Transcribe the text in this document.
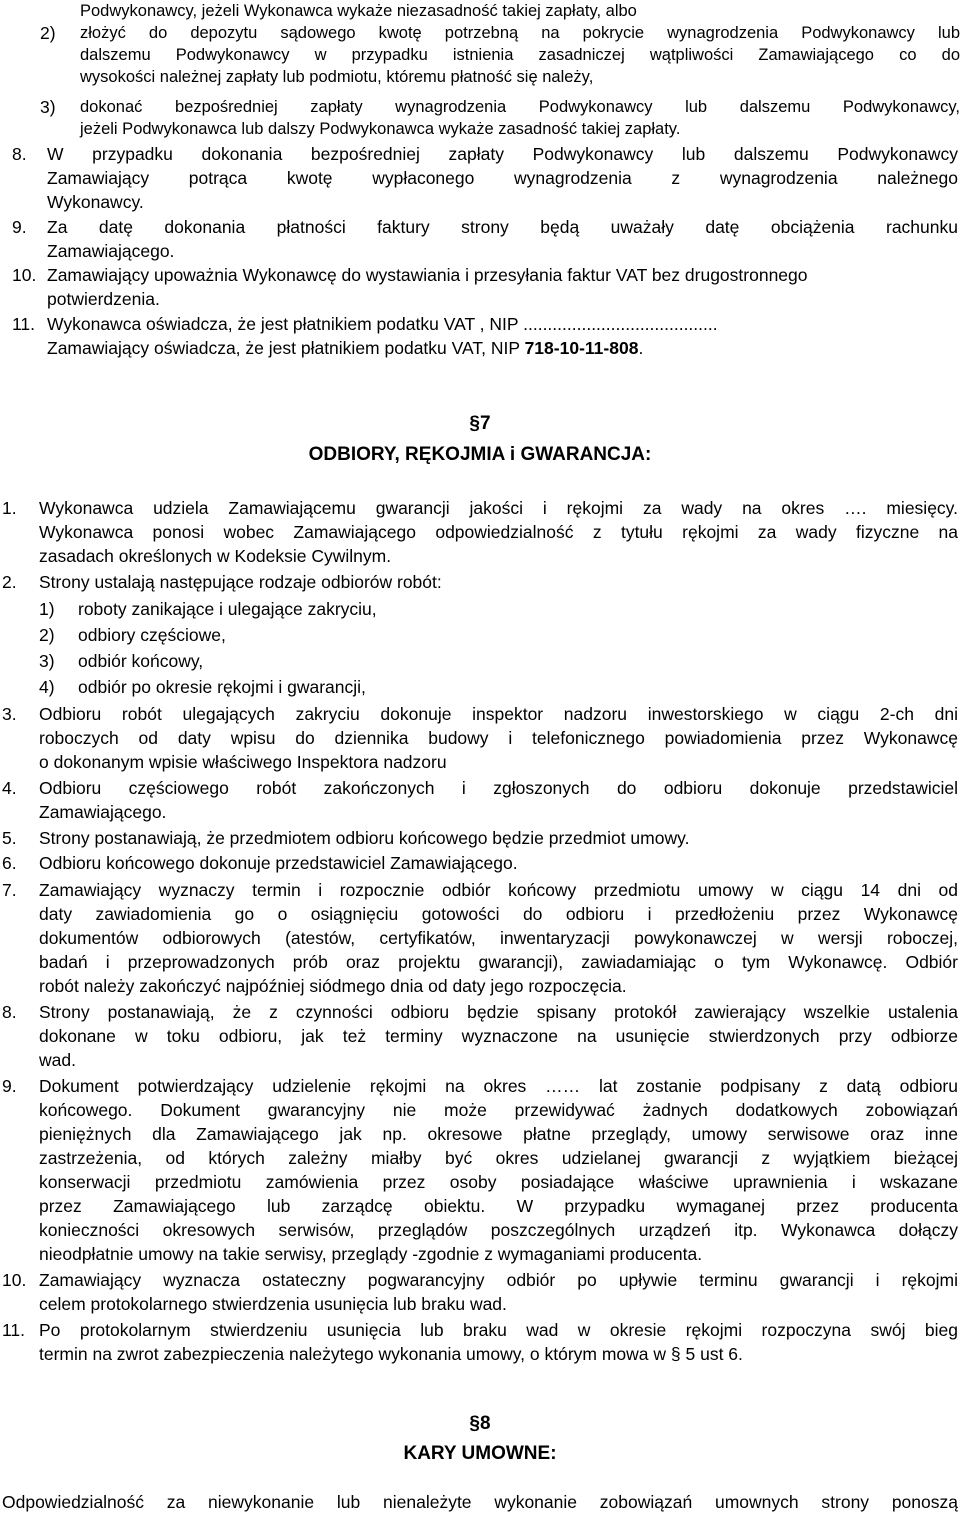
Podwykonawcy, jeżeli Wykonawca wykaże niezasadność takiej zapłaty, albo
2) złożyć do depozytu sądowego kwotę potrzebną na pokrycie wynagrodzenia Podwykonawcy lub
dalszemu Podwykonawcy w przypadku istnienia zasadniczej wątpliwości Zamawiającego co do
wysokości należnej zapłaty lub podmiotu, któremu płatność się należy,
3) dokonać bezpośredniej zapłaty wynagrodzenia Podwykonawcy lub dalszemu Podwykonawcy,
jeżeli Podwykonawca lub dalszy Podwykonawca wykaże zasadność takiej zapłaty.
8. W przypadku dokonania bezpośredniej zapłaty Podwykonawcy lub dalszemu Podwykonawcy
Zamawiający potrąca kwotę wypłaconego wynagrodzenia z wynagrodzenia należnego
Wykonawcy.
9. Za datę dokonania płatności faktury strony będą uważały datę obciążenia rachunku
Zamawiającego.
10. Zamawiający upoważnia Wykonawcę do wystawiania i przesyłania faktur VAT bez drugostronnego
potwierdzenia.
11. Wykonawca oświadcza, że jest płatnikiem podatku VAT , NIP ........................................
Zamawiający oświadcza, że jest płatnikiem podatku VAT, NIP 718-10-11-808.
§7
ODBIORY, RĘKOJMIA i GWARANCJA:
1. Wykonawca udziela Zamawiającemu gwarancji jakości i rękojmi za wady na okres …. miesięcy.
Wykonawca ponosi wobec Zamawiającego odpowiedzialność z tytułu rękojmi za wady fizyczne na
zasadach określonych w Kodeksie Cywilnym.
2. Strony ustalają następujące rodzaje odbiorów robót:
1) roboty zanikające i ulegające zakryciu,
2) odbiory częściowe,
3) odbiór końcowy,
4) odbiór po okresie rękojmi i gwarancji,
3. Odbioru robót ulegających zakryciu dokonuje inspektor nadzoru inwestorskiego w ciągu 2-ch dni
roboczych od daty wpisu do dziennika budowy i telefonicznego powiadomienia przez Wykonawcę
o dokonanym wpisie właściwego Inspektora nadzoru
4. Odbioru częściowego robót zakończonych i zgłoszonych do odbioru dokonuje przedstawiciel
Zamawiającego.
5. Strony postanawiają, że przedmiotem odbioru końcowego będzie przedmiot umowy.
6. Odbioru końcowego dokonuje przedstawiciel Zamawiającego.
7. Zamawiający wyznaczy termin i rozpocznie odbiór końcowy przedmiotu umowy w ciągu 14 dni od
daty zawiadomienia go o osiągnięciu gotowości do odbioru i przedłożeniu przez Wykonawcę
dokumentów odbiorowych (atestów, certyfikatów, inwentaryzacji powykonawczej w wersji roboczej,
badań i przeprowadzonych prób oraz projektu gwarancji), zawiadamiając o tym Wykonawcę. Odbiór
robót należy zakończyć najpóźniej siódmego dnia od daty jego rozpoczęcia.
8. Strony postanawiają, że z czynności odbioru będzie spisany protokół zawierający wszelkie ustalenia
dokonane w toku odbioru, jak też terminy wyznaczone na usunięcie stwierdzonych przy odbiorze
wad.
9. Dokument potwierdzający udzielenie rękojmi na okres …… lat zostanie podpisany z datą odbioru
końcowego. Dokument gwarancyjny nie może przewidywać żadnych dodatkowych zobowiązań
pieniężnych dla Zamawiającego jak np. okresowe płatne przeglądy, umowy serwisowe oraz inne
zastrzeżenia, od których zależny miałby być okres udzielanej gwarancji z wyjątkiem bieżącej
konserwacji przedmiotu zamówienia przez osoby posiadające właściwe uprawnienia i wskazane
przez Zamawiającego lub zarządcę obiektu. W przypadku wymaganej przez producenta
konieczności okresowych serwisów, przeglądów poszczególnych urządzeń itp. Wykonawca dołączy
nieodpłatnie umowy na takie serwisy, przeglądy -zgodnie z wymaganiami producenta.
10. Zamawiający wyznacza ostateczny pogwarancyjny odbiór po upływie terminu gwarancji i rękojmi
celem protokolarnego stwierdzenia usunięcia lub braku wad.
11. Po protokolarnym stwierdzeniu usunięcia lub braku wad w okresie rękojmi rozpoczyna swój bieg
termin na zwrot zabezpieczenia należytego wykonania umowy, o którym mowa w § 5 ust 6.
§8
KARY UMOWNE:
Odpowiedzialność za niewykonanie lub nienależyte wykonanie zobowiązań umownych strony ponoszą
